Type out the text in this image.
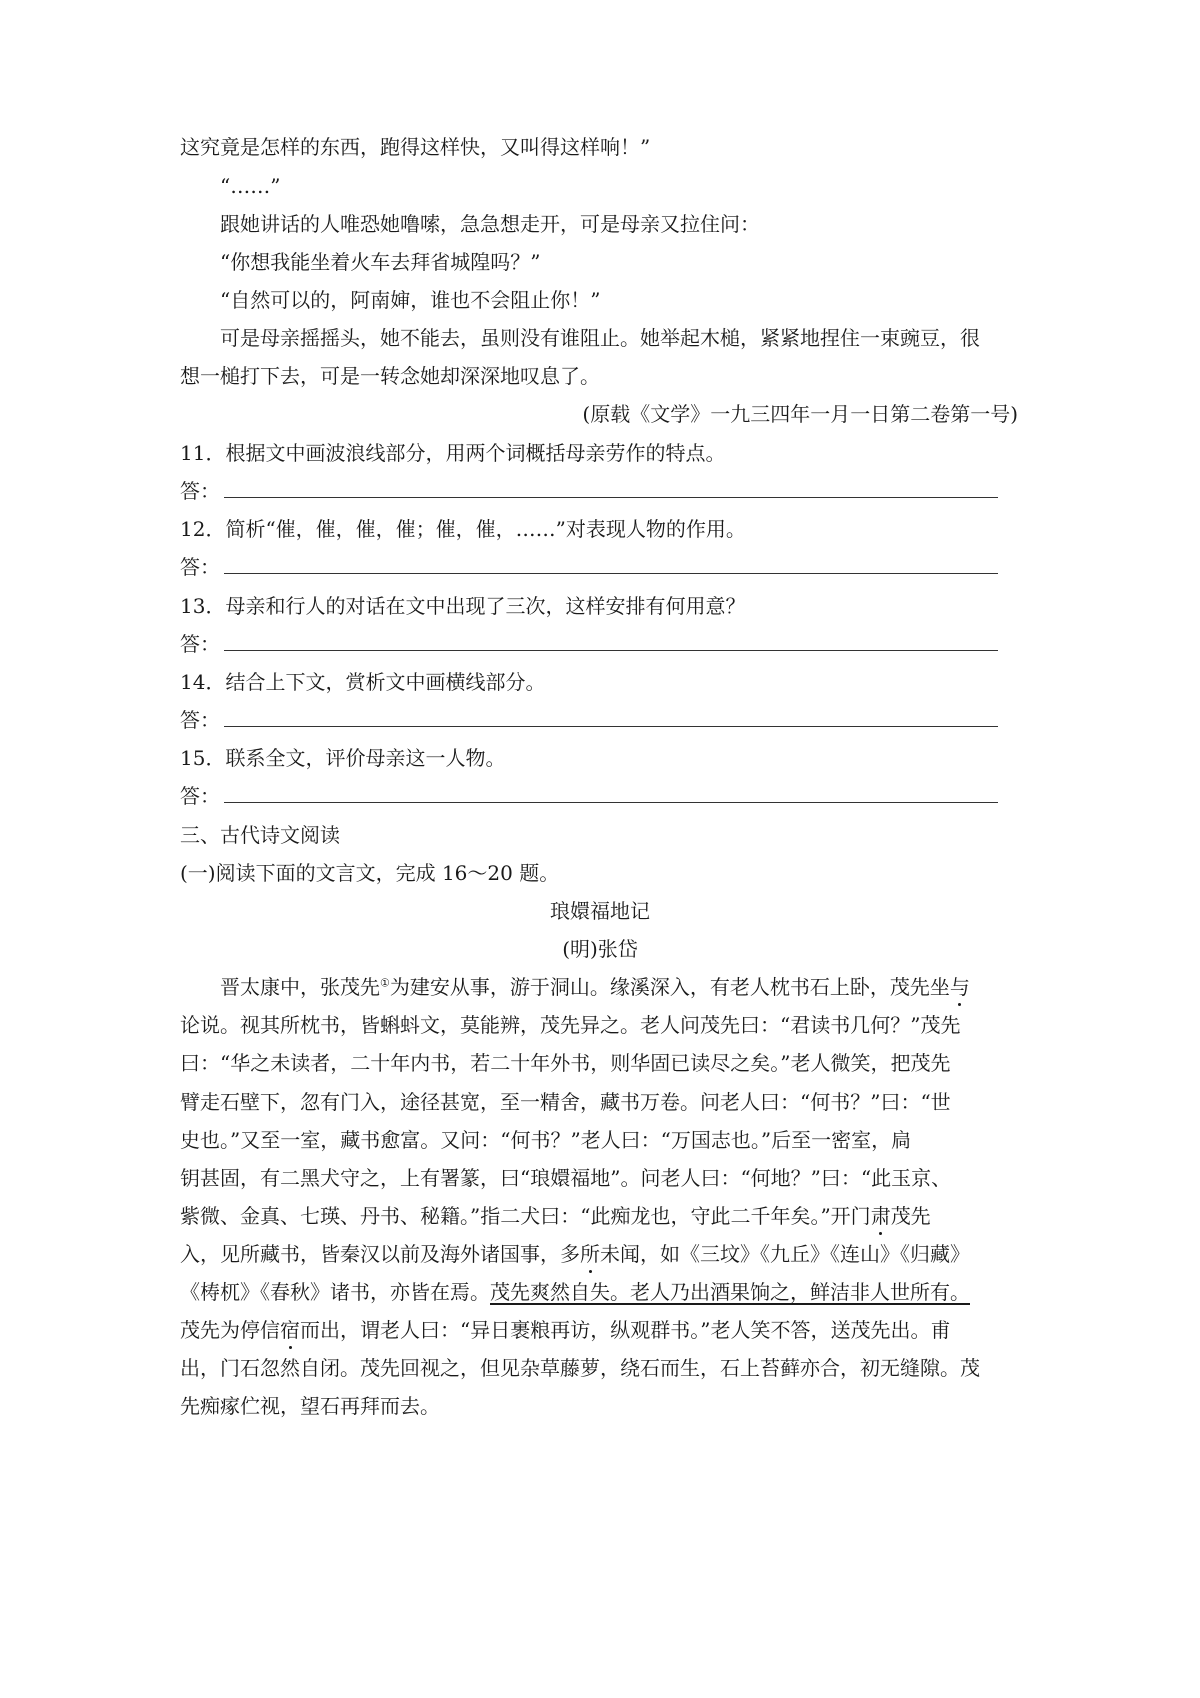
这究竟是怎样的东西，跑得这样快，又叫得这样响！”
“……”
跟她讲话的人唯恐她噜嗦，急急想走开，可是母亲又拉住问：
“你想我能坐着火车去拜省城隍吗？”
“自然可以的，阿南婶，谁也不会阻止你！”
可是母亲摇摇头，她不能去，虽则没有谁阻止。她举起木槌，紧紧地捏住一束豌豆，很
想一槌打下去，可是一转念她却深深地叹息了。
(原载《文学》一九三四年一月一日第二卷第一号)
11．根据文中画波浪线部分，用两个词概括母亲劳作的特点。
答：
12．简析“催，催，催，催；催，催，……”对表现人物的作用。
答：
13．母亲和行人的对话在文中出现了三次，这样安排有何用意？
答：
14．结合上下文，赏析文中画横线部分。
答：
15．联系全文，评价母亲这一人物。
答：
三、古代诗文阅读
(一)阅读下面的文言文，完成 16～20 题。
琅嬛福地记
(明)张岱
晋太康中，张茂先①为建安从事，游于洞山。缘溪深入，有老人枕书石上卧，茂先坐与
论说。视其所枕书，皆蝌蚪文，莫能辨，茂先异之。老人问茂先曰：“君读书几何？”茂先
曰：“华之未读者，二十年内书，若二十年外书，则华固已读尽之矣。”老人微笑，把茂先
臂走石壁下，忽有门入，途径甚宽，至一精舍，藏书万卷。问老人曰：“何书？”曰：“世
史也。”又至一室，藏书愈富。又问：“何书？”老人曰：“万国志也。”后至一密室，扃
钥甚固，有二黑犬守之，上有署篆，曰“琅嬛福地”。问老人曰：“何地？”曰：“此玉京、
紫微、金真、七瑛、丹书、秘籍。”指二犬曰：“此痴龙也，守此二千年矣。”开门肃茂先
入，见所藏书，皆秦汉以前及海外诸国事，多所未闻，如《三坟》《九丘》《连山》《归藏》
《梼杌》《春秋》诸书，亦皆在焉。茂先爽然自失。老人乃出酒果饷之，鲜洁非人世所有。
茂先为停信宿而出，谓老人曰：“异日裹粮再访，纵观群书。”老人笑不答，送茂先出。甫
出，门石忽然自闭。茂先回视之，但见杂草藤萝，绕石而生，石上苔藓亦合，初无缝隙。茂
先痴瘃伫视，望石再拜而去。
